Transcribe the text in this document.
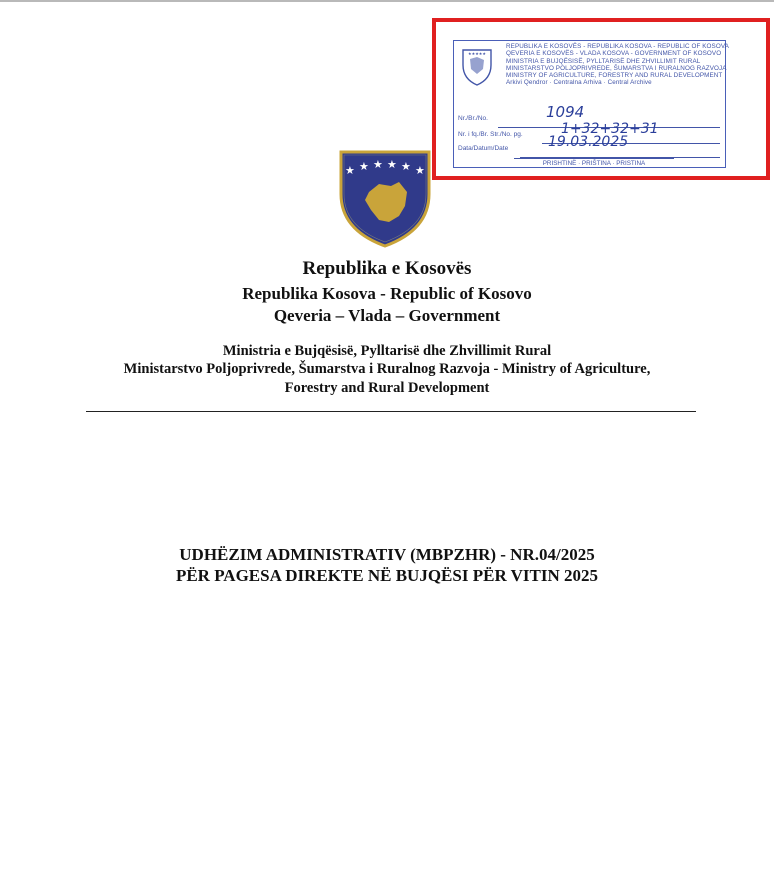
★★★★★
REPUBLIKA E KOSOVËS - REPUBLIKA KOSOVA - REPUBLIC OF KOSOVA
QEVERIA E KOSOVËS - VLADA KOSOVA - GOVERNMENT OF KOSOVO
MINISTRIA E BUJQËSISË, PYLLTARISË DHE ZHVILLIMIT RURAL
MINISTARSTVO POLJOPRIVREDE, ŠUMARSTVA I RURALNOG RAZVOJA
MINISTRY OF AGRICULTURE, FORESTRY AND RURAL DEVELOPMENT
Arkivi Qendror · Centralna Arhiva · Central Archive
Nr./Br./No.	1094
Nr. i fq./Br. Str./No. pg.	1+32+32+31
Data/Datum/Date	19.03.2025
PRISHTINË · PRIŠTINA · PRISTINA
★ ★ ★ ★ ★ ★
Republika e Kosovës
Republika Kosova - Republic of Kosovo
Qeveria – Vlada – Government
Ministria e Bujqësisë, Pylltarisë dhe Zhvillimit Rural
Ministarstvo Poljoprivrede, Šumarstva i Ruralnog Razvoja - Ministry of Agriculture,
Forestry and Rural Development
UDHËZIM ADMINISTRATIV (MBPZHR) - NR.04/2025
PËR PAGESA DIREKTE NË BUJQËSI PËR VITIN 2025
